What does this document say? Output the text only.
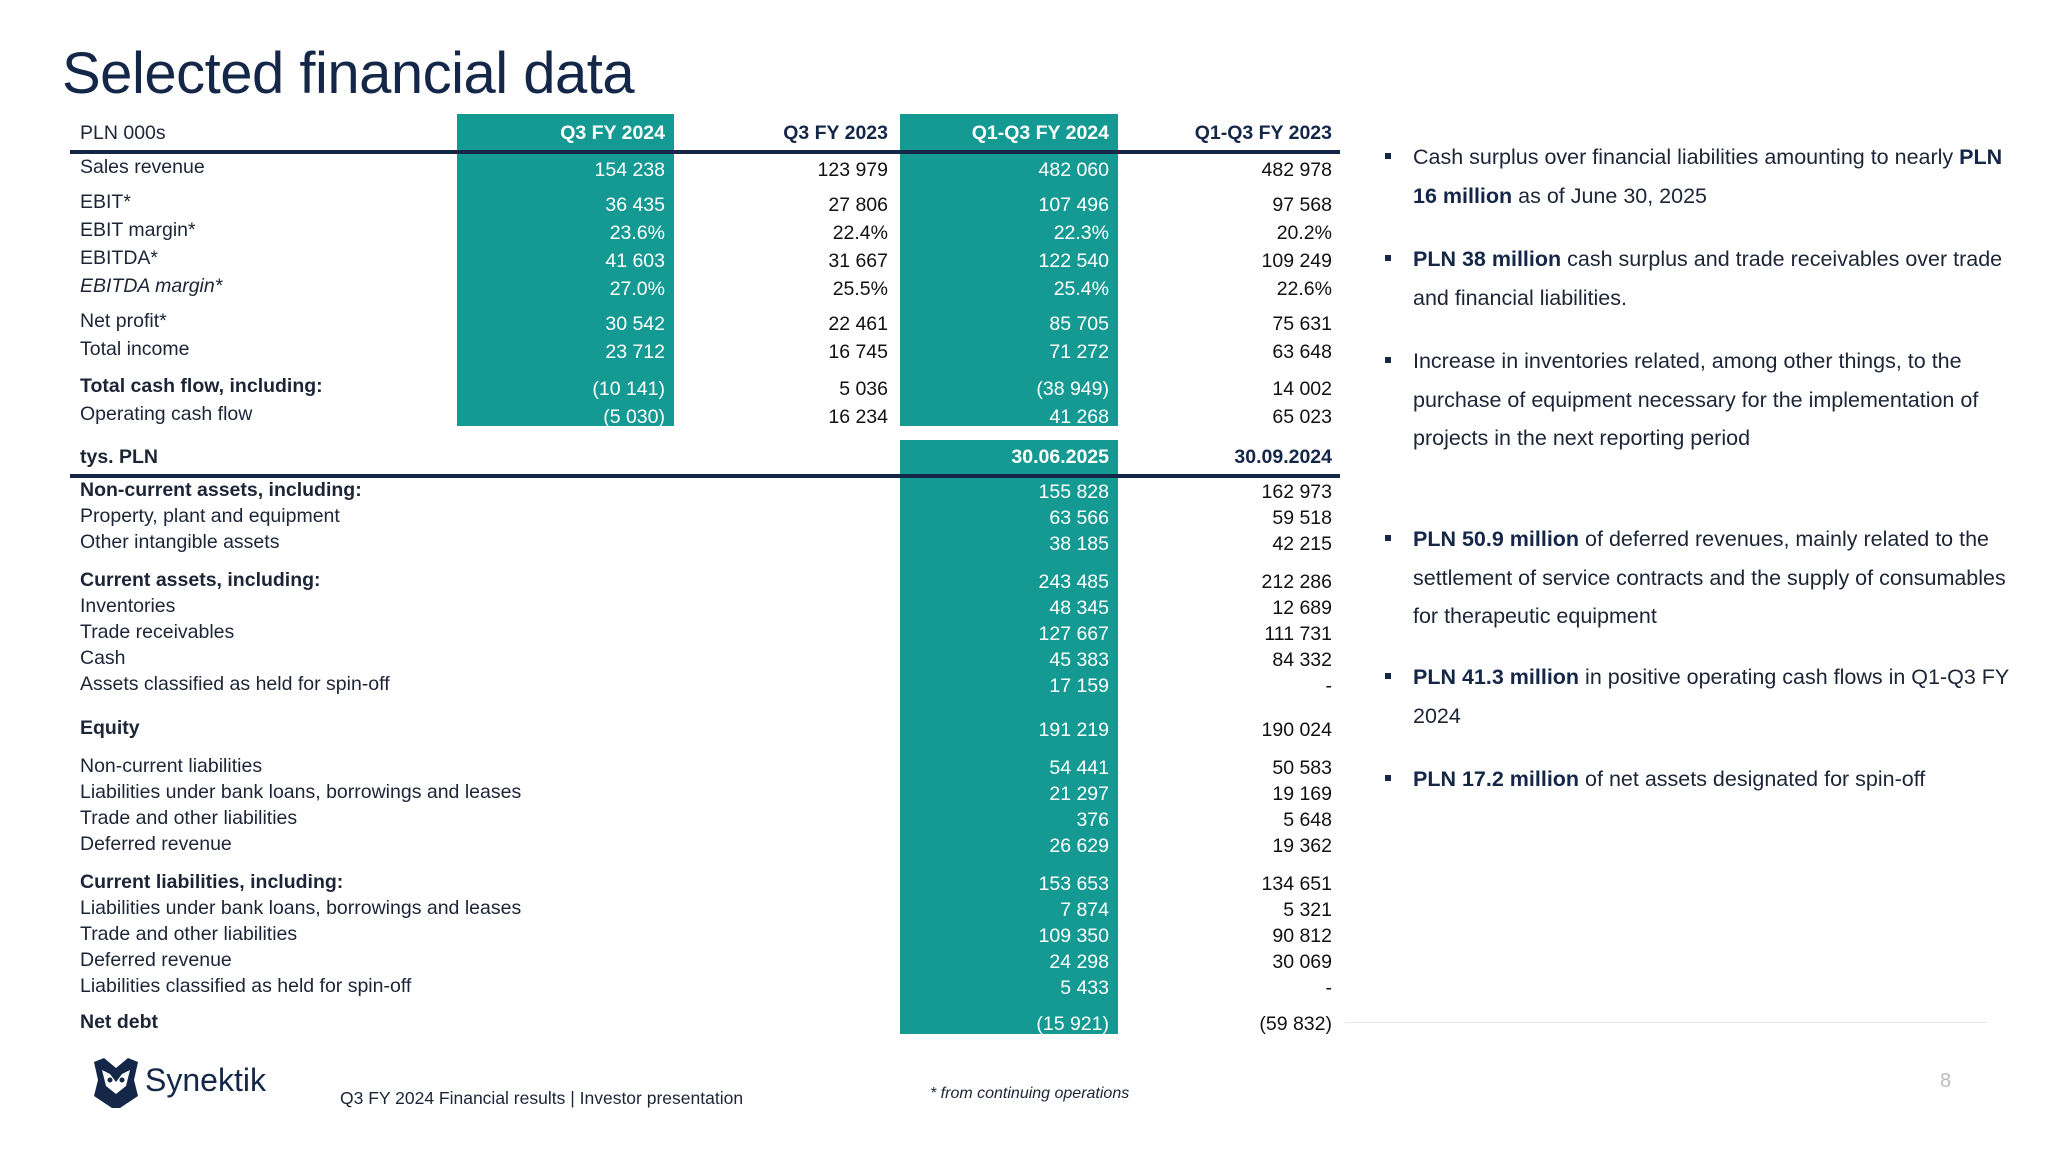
Selected financial data
PLN 000s	Q3 FY 2024	Q3 FY 2023	Q1-Q3 FY 2024	Q1-Q3 FY 2023
Sales revenue	154 238	123 979	482 060	482 978
EBIT*	36 435	27 806	107 496	97 568
EBIT margin*	23.6%	22.4%	22.3%	20.2%
EBITDA*	41 603	31 667	122 540	109 249
EBITDA margin*	27.0%	25.5%	25.4%	22.6%
Net profit*	30 542	22 461	85 705	75 631
Total income	23 712	16 745	71 272	63 648
Total cash flow, including:	(10 141)	5 036	(38 949)	14 002
Operating cash flow	(5 030)	16 234	41 268	65 023
tys. PLN	30.06.2025	30.09.2024
Non-current assets, including:	155 828	162 973
Property, plant and equipment	63 566	59 518
Other intangible assets	38 185	42 215
Current assets, including:	243 485	212 286
Inventories	48 345	12 689
Trade receivables	127 667	111 731
Cash	45 383	84 332
Assets classified as held for spin-off	17 159	-
Equity	191 219	190 024
Non-current liabilities	54 441	50 583
Liabilities under bank loans, borrowings and leases	21 297	19 169
Trade and other liabilities	376	5 648
Deferred revenue	26 629	19 362
Current liabilities, including:	153 653	134 651
Liabilities under bank loans, borrowings and leases	7 874	5 321
Trade and other liabilities	109 350	90 812
Deferred revenue	24 298	30 069
Liabilities classified as held for spin-off	5 433	-
Net debt	(15 921)	(59 832)
Cash surplus over financial liabilities amounting to nearly PLN 16 million as of June 30, 2025
PLN 38 million cash surplus and trade receivables over trade and financial liabilities.
Increase in inventories related, among other things, to the purchase of equipment necessary for the implementation of projects in the next reporting period
PLN 50.9 million of deferred revenues, mainly related to the settlement of service contracts and the supply of consumables for therapeutic equipment
PLN 41.3 million in positive operating cash flows in Q1-Q3 FY 2024
PLN 17.2 million of net assets designated for spin-off
Synektik	Q3 FY 2024 Financial results | Investor presentation	* from continuing operations
8
